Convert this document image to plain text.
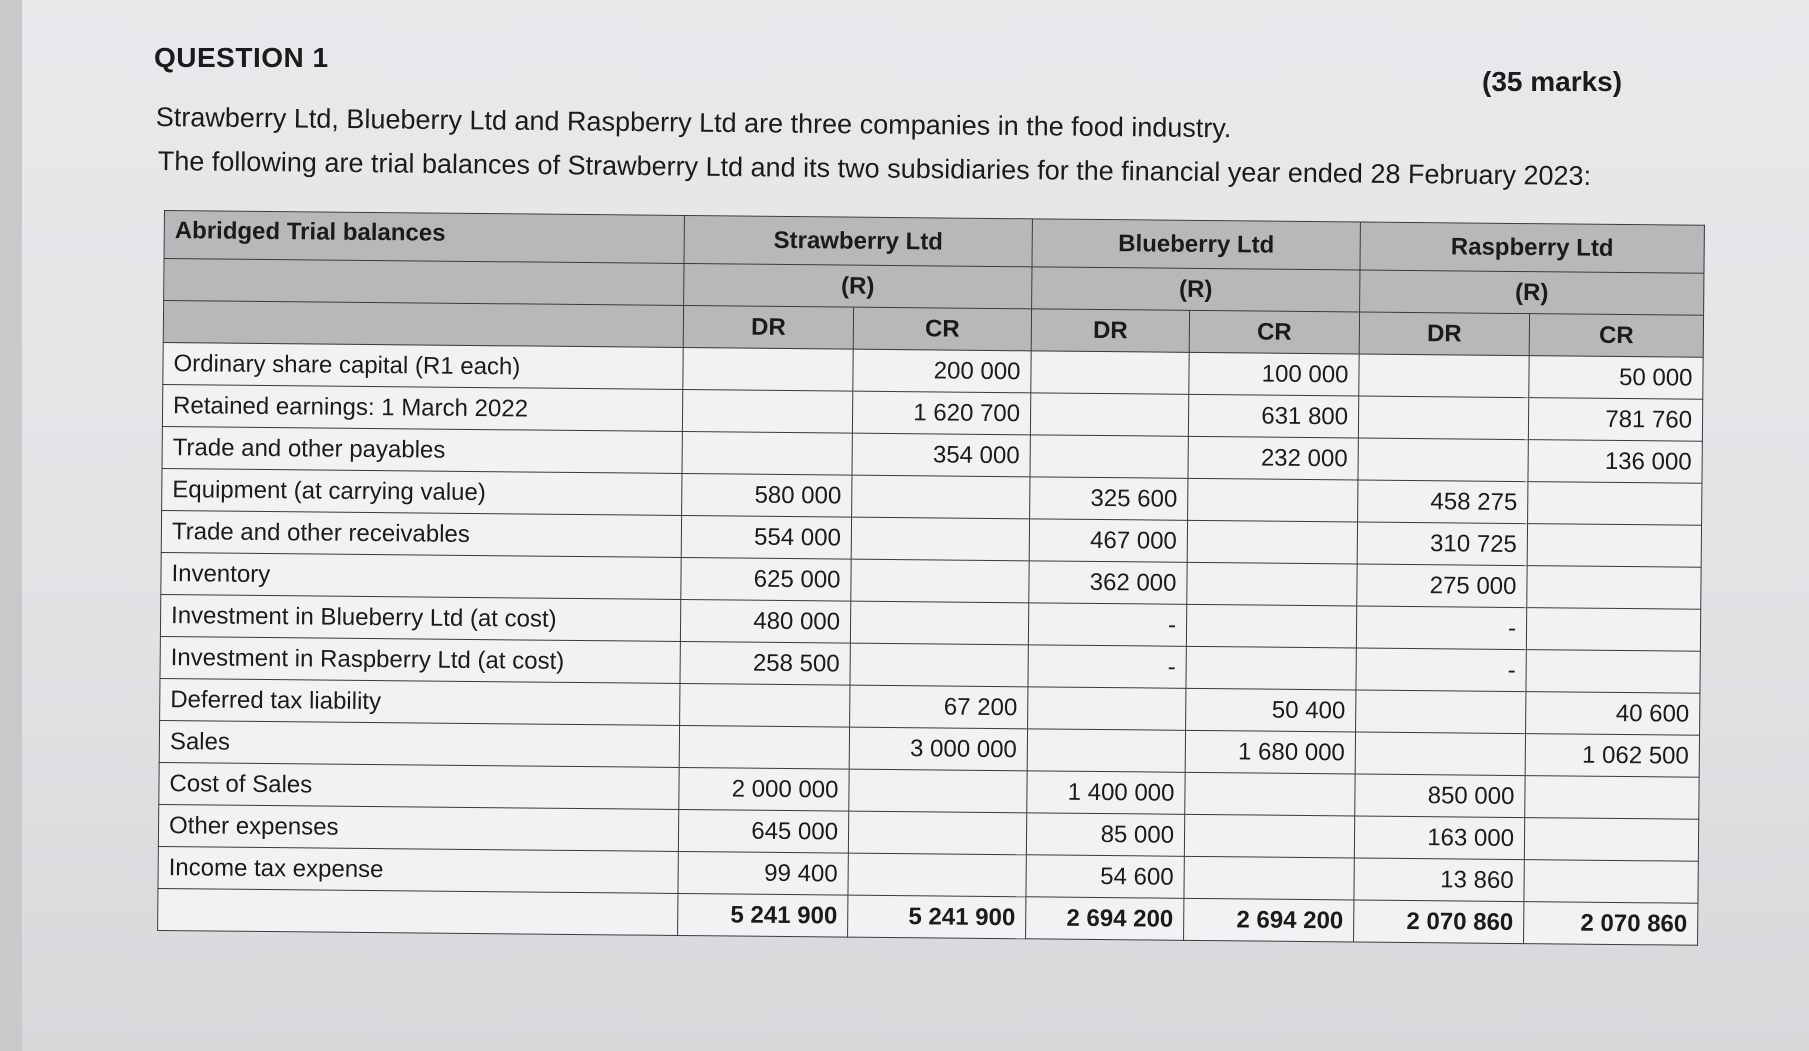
QUESTION 1
(35 marks)
Strawberry Ltd, Blueberry Ltd and Raspberry Ltd are three companies in the food industry.
The following are trial balances of Strawberry Ltd and its two subsidiaries for the financial year ended 28 February 2023:
Abridged Trial balances	Strawberry Ltd		Blueberry Ltd		Raspberry Ltd	
	(R)		(R)		(R)	
	DR	CR	DR	CR	DR	CR
Ordinary share capital (R1 each)		200 000		100 000		50 000
Retained earnings: 1 March 2022		1 620 700		631 800		781 760
Trade and other payables		354 000		232 000		136 000
Equipment (at carrying value)	580 000		325 600		458 275	
Trade and other receivables	554 000		467 000		310 725	
Inventory	625 000		362 000		275 000	
Investment in Blueberry Ltd (at cost)	480 000		-		-	
Investment in Raspberry Ltd (at cost)	258 500		-		-	
Deferred tax liability		67 200		50 400		40 600
Sales		3 000 000		1 680 000		1 062 500
Cost of Sales	2 000 000		1 400 000		850 000	
Other expenses	645 000		85 000		163 000	
Income tax expense	99 400		54 600		13 860	
	5 241 900	5 241 900	2 694 200	2 694 200	2 070 860	2 070 860
